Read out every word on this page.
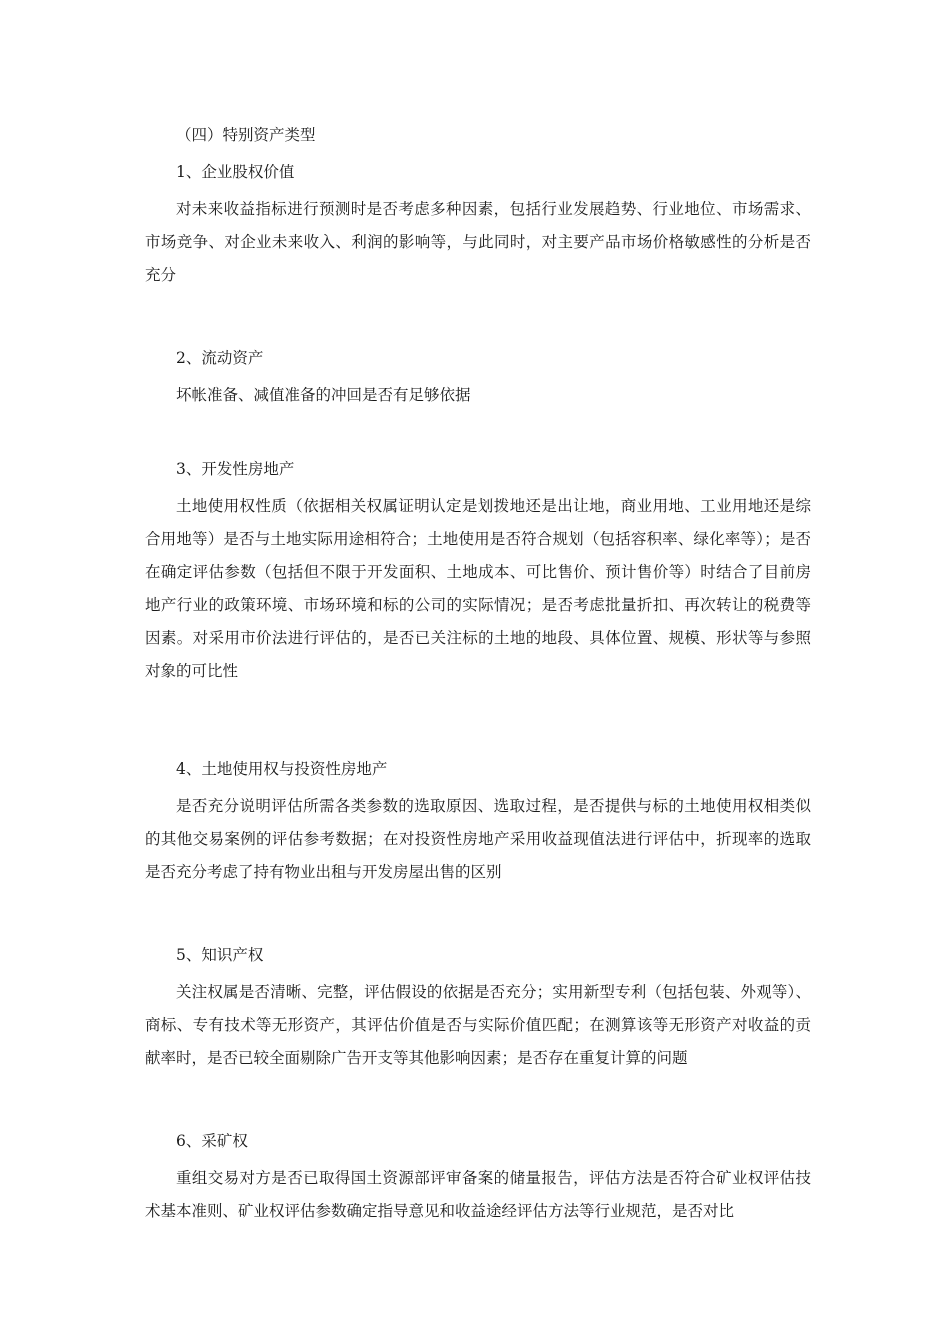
（四）特别资产类型
1、企业股权价值
对未来收益指标进行预测时是否考虑多种因素，包括行业发展趋势、行业地位、市场需求、市场竞争、对企业未来收入、利润的影响等，与此同时，对主要产品市场价格敏感性的分析是否充分
2、流动资产
坏帐准备、减值准备的冲回是否有足够依据
3、开发性房地产
土地使用权性质（依据相关权属证明认定是划拨地还是出让地，商业用地、工业用地还是综合用地等）是否与土地实际用途相符合；土地使用是否符合规划（包括容积率、绿化率等）；是否在确定评估参数（包括但不限于开发面积、土地成本、可比售价、预计售价等）时结合了目前房地产行业的政策环境、市场环境和标的公司的实际情况；是否考虑批量折扣、再次转让的税费等因素。对采用市价法进行评估的，是否已关注标的土地的地段、具体位置、规模、形状等与参照对象的可比性
4、土地使用权与投资性房地产
是否充分说明评估所需各类参数的选取原因、选取过程，是否提供与标的土地使用权相类似的其他交易案例的评估参考数据；在对投资性房地产采用收益现值法进行评估中，折现率的选取是否充分考虑了持有物业出租与开发房屋出售的区别
5、知识产权
关注权属是否清晰、完整，评估假设的依据是否充分；实用新型专利（包括包装、外观等）、商标、专有技术等无形资产，其评估价值是否与实际价值匹配；在测算该等无形资产对收益的贡献率时，是否已较全面剔除广告开支等其他影响因素；是否存在重复计算的问题
6、采矿权
重组交易对方是否已取得国土资源部评审备案的储量报告，评估方法是否符合矿业权评估技术基本准则、矿业权评估参数确定指导意见和收益途经评估方法等行业规范，是否对比
